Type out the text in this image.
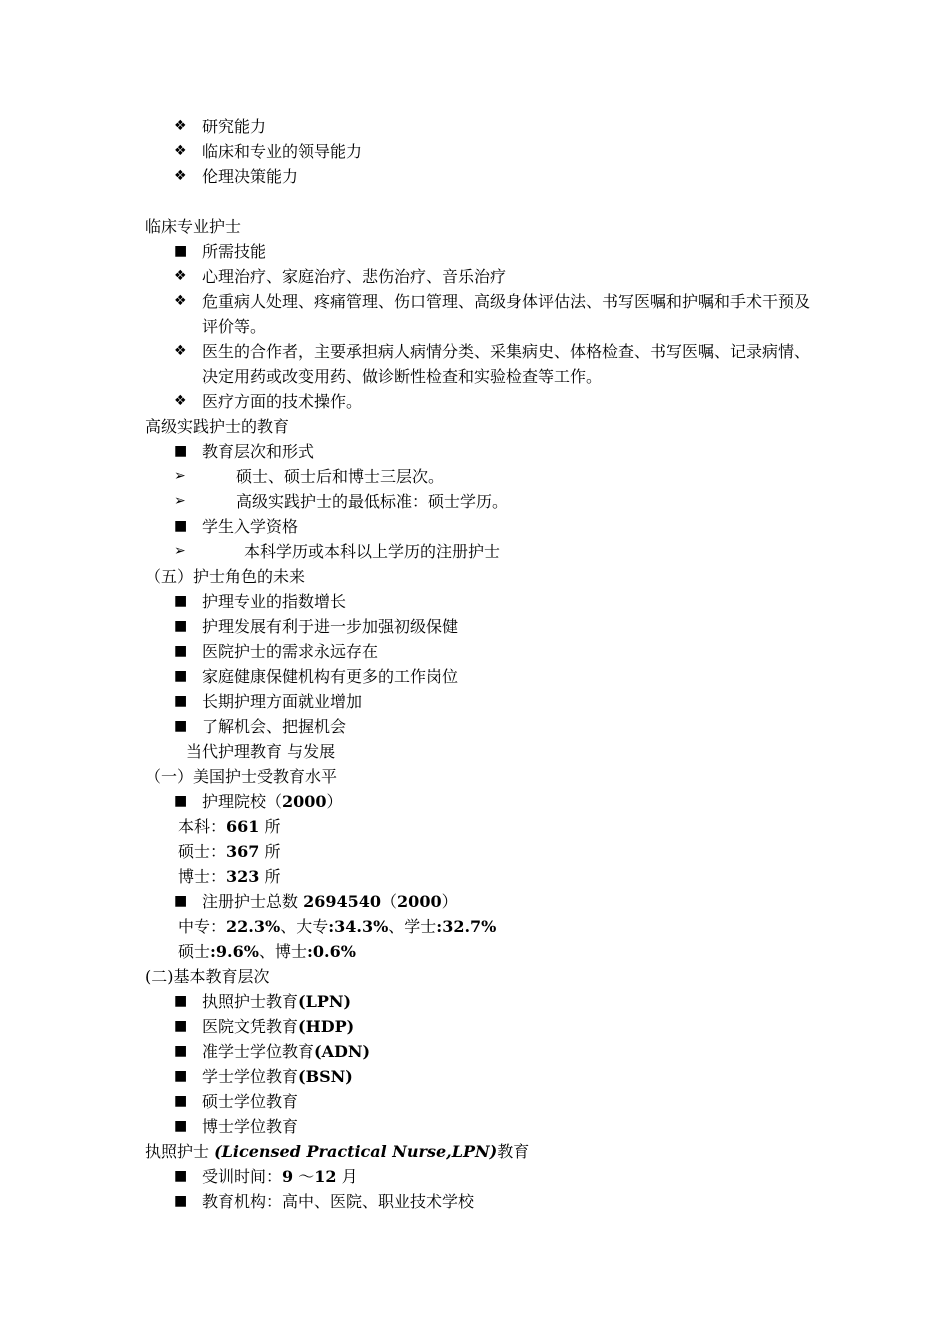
❖ 研究能力
❖ 临床和专业的领导能力
❖ 伦理决策能力
临床专业护士
■ 所需技能
❖ 心理治疗、家庭治疗、悲伤治疗、音乐治疗
❖ 危重病人处理、疼痛管理、伤口管理、高级身体评估法、书写医嘱和护嘱和手术干预及评价等。
❖ 医生的合作者，主要承担病人病情分类、采集病史、体格检查、书写医嘱、记录病情、决定用药或改变用药、做诊断性检查和实验检查等工作。
❖ 医疗方面的技术操作。
高级实践护士的教育
■ 教育层次和形式
➢	硕士、硕士后和博士三层次。
➢	高级实践护士的最低标准：硕士学历。
■ 学生入学资格
➢	本科学历或本科以上学历的注册护士
（五）护士角色的未来
■ 护理专业的指数增长
■ 护理发展有利于进一步加强初级保健
■ 医院护士的需求永远存在
■ 家庭健康保健机构有更多的工作岗位
■ 长期护理方面就业增加
■ 了解机会、把握机会
当代护理教育 与发展
（一）美国护士受教育水平
■ 护理院校（2000）
本科：661 所
硕士：367 所
博士：323 所
■ 注册护士总数 2694540（2000）
中专：22.3%、大专:34.3%、学士:32.7%
硕士:9.6%、博士:0.6%
(二)基本教育层次
■ 执照护士教育(LPN)
■ 医院文凭教育(HDP)
■ 准学士学位教育(ADN)
■ 学士学位教育(BSN)
■ 硕士学位教育
■ 博士学位教育
执照护士 (Licensed Practical Nurse,LPN)教育
■ 受训时间：9 ～12 月
■ 教育机构：高中、医院、职业技术学校
